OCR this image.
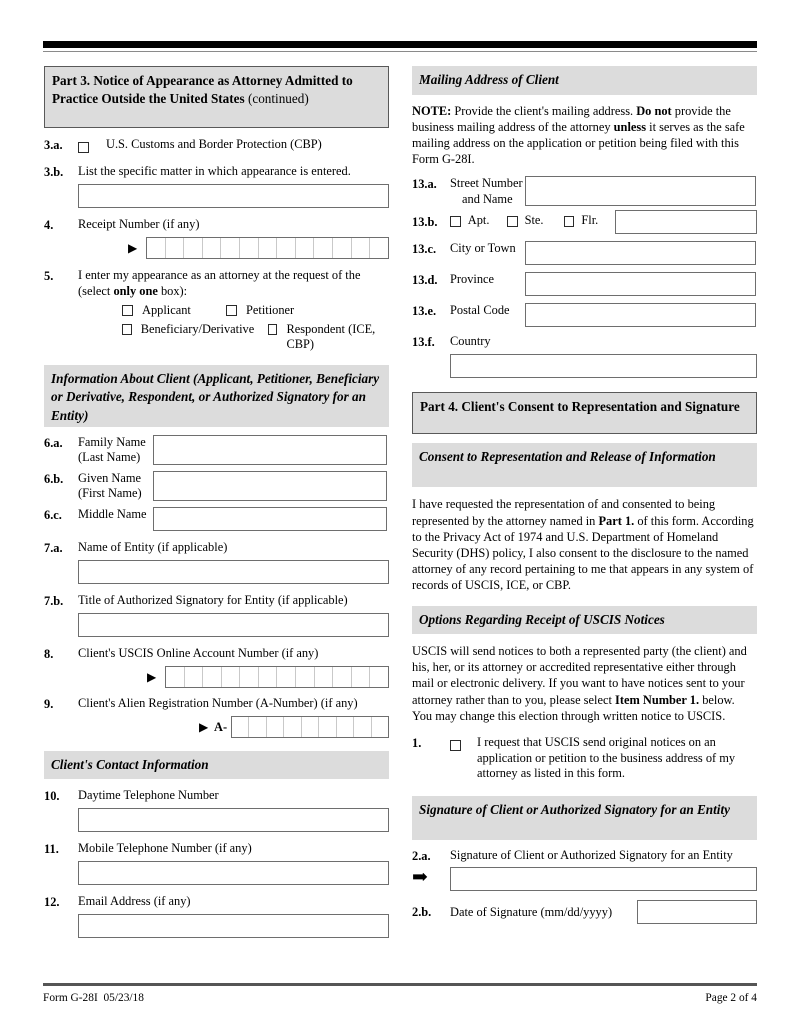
Part 3. Notice of Appearance as Attorney Admitted to Practice Outside the United States (continued)
3.a.	U.S. Customs and Border Protection (CBP)
3.b.	List the specific matter in which appearance is entered.
4.	Receipt Number (if any)
▶
5.	I enter my appearance as an attorney at the request of the (select only one box):
Applicant	Petitioner
Beneficiary/Derivative	Respondent (ICE, CBP)
Information About Client (Applicant, Petitioner, Beneficiary or Derivative, Respondent, or Authorized Signatory for an Entity)
6.a.	Family Name
(Last Name)
6.b.	Given Name
(First Name)
6.c.	Middle Name
7.a.	Name of Entity (if applicable)
7.b.	Title of Authorized Signatory for Entity (if applicable)
8.	Client's USCIS Online Account Number (if any)
▶
9.	Client's Alien Registration Number (A-Number) (if any)
▶ A-
Client's Contact Information
10.	Daytime Telephone Number
11.	Mobile Telephone Number (if any)
12.	Email Address (if any)
Mailing Address of Client
NOTE: Provide the client's mailing address. Do not provide the business mailing address of the attorney unless it serves as the safe mailing address on the application or petition being filed with this Form G-28I.
13.a.	Street Number
and Name
13.b.	Apt.	Ste.	Flr.
13.c.	City or Town
13.d.	Province
13.e.	Postal Code
13.f.	Country
Part 4. Client's Consent to Representation and Signature
Consent to Representation and Release of Information
I have requested the representation of and consented to being represented by the attorney named in Part 1. of this form. According to the Privacy Act of 1974 and U.S. Department of Homeland Security (DHS) policy, I also consent to the disclosure to the named attorney of any record pertaining to me that appears in any system of records of USCIS, ICE, or CBP.
Options Regarding Receipt of USCIS Notices
USCIS will send notices to both a represented party (the client) and his, her, or its attorney or accredited representative either through mail or electronic delivery. If you want to have notices sent to your attorney rather than to you, please select Item Number 1. below. You may change this election through written notice to USCIS.
1.	I request that USCIS send original notices on an application or petition to the business address of my attorney as listed in this form.
Signature of Client or Authorized Signatory for an Entity
2.a.	Signature of Client or Authorized Signatory for an Entity
➡
2.b.	Date of Signature (mm/dd/yyyy)
Form G-28I 05/23/18	Page 2 of 4
